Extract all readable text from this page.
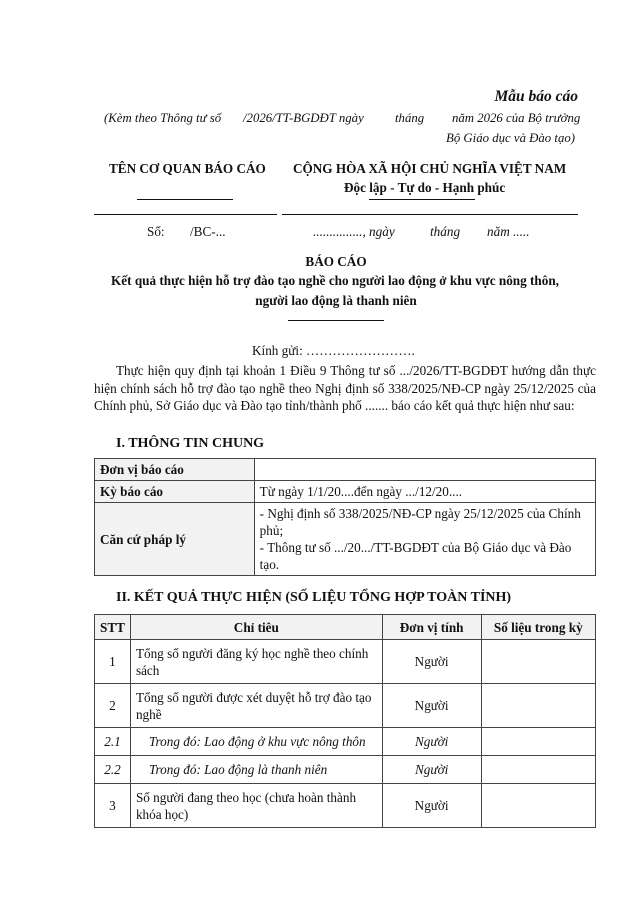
Mẫu báo cáo
(Kèm theo Thông tư số /2026/TT-BGDĐT ngày tháng năm 2026 của Bộ trưởng
Bộ Giáo dục và Đào tạo)
TÊN CƠ QUAN BÁO CÁO CỘNG HÒA XÃ HỘI CHỦ NGHĨA VIỆT NAM
Độc lập - Tự do - Hạnh phúc
Số: /BC-...	..............., ngày	tháng năm .....
BÁO CÁO
Kết quả thực hiện hỗ trợ đào tạo nghề cho người lao động ở khu vực nông thôn,
người lao động là thanh niên
Kính gửi: …………………….
Thực hiện quy định tại khoản 1 Điều 9 Thông tư số .../2026/TT-BGDĐT hướng dẫn thực hiện chính sách hỗ trợ đào tạo nghề theo Nghị định số 338/2025/NĐ-CP ngày 25/12/2025 của Chính phủ, Sở Giáo dục và Đào tạo tỉnh/thành phố ....... báo cáo kết quả thực hiện như sau:
I. THÔNG TIN CHUNG
Đơn vị báo cáo	
Kỳ báo cáo	Từ ngày 1/1/20....đến ngày .../12/20....
Căn cứ pháp lý	- Nghị định số 338/2025/NĐ-CP ngày 25/12/2025 của Chính phủ;
- Thông tư số .../20.../TT-BGDĐT của Bộ Giáo dục và Đào tạo.
II. KẾT QUẢ THỰC HIỆN (SỐ LIỆU TỔNG HỢP TOÀN TỈNH)
STT	Chỉ tiêu	Đơn vị tính	Số liệu trong kỳ
1	Tổng số người đăng ký học nghề theo chính sách	Người	
2	Tổng số người được xét duyệt hỗ trợ đào tạo nghề	Người	
2.1	Trong đó: Lao động ở khu vực nông thôn	Người	
2.2	Trong đó: Lao động là thanh niên	Người	
3	Số người đang theo học (chưa hoàn thành khóa học)	Người	
